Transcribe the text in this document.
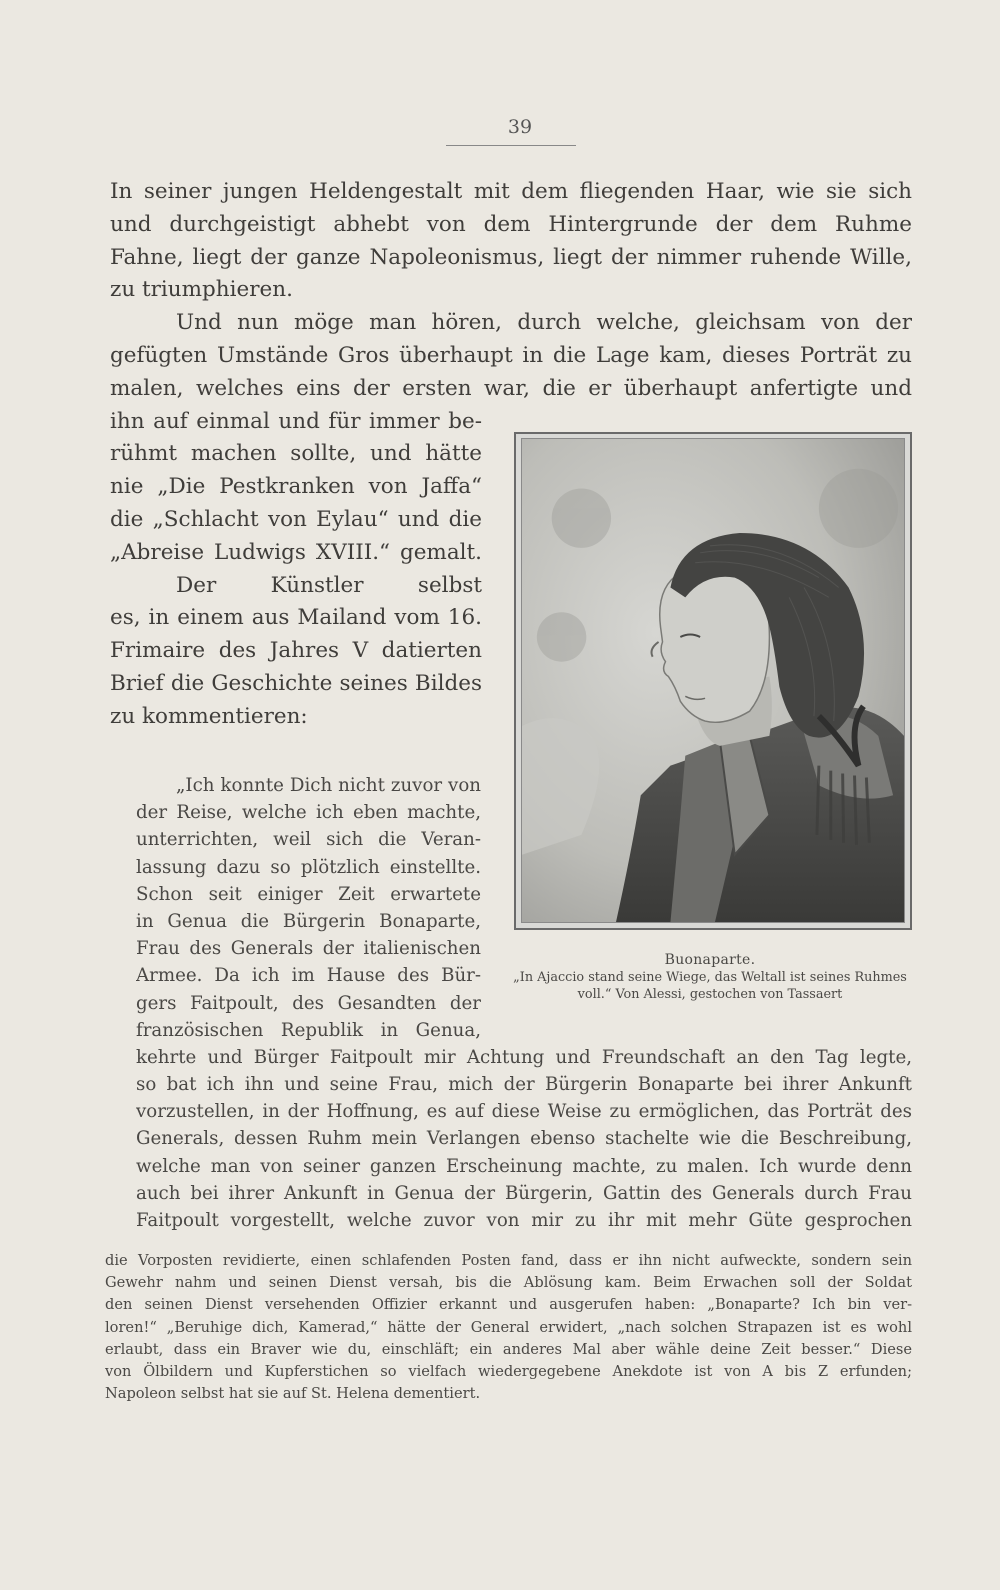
39
In seiner jungen Heldengestalt mit dem fliegenden Haar, wie sie sich
und durchgeistigt abhebt von dem Hintergrunde der dem Ruhme
Fahne, liegt der ganze Napoleonismus, liegt der nimmer ruhende Wille,
zu triumphieren.
Und nun möge man hören, durch welche, gleichsam von der
gefügten Umstände Gros überhaupt in die Lage kam, dieses Porträt zu
malen, welches eins der ersten war, die er überhaupt anfertigte und
ihn auf einmal und für immer be-
rühmt machen sollte, und hätte
nie „Die Pestkranken von Jaffa“
die „Schlacht von Eylau“ und die
„Abreise Ludwigs XVIII.“ gemalt.
Der Künstler selbst
es, in einem aus Mailand vom 16.
Frimaire des Jahres V datierten
Brief die Geschichte seines Bildes
zu kommentieren:
Buonaparte.
„In Ajaccio stand seine Wiege, das Weltall ist seines Ruhmes
voll.“ Von Alessi, gestochen von Tassaert
„Ich konnte Dich nicht zuvor von
der Reise, welche ich eben machte,
unterrichten, weil sich die Veran-
lassung dazu so plötzlich einstellte.
Schon seit einiger Zeit erwartete
in Genua die Bürgerin Bonaparte,
Frau des Generals der italienischen
Armee. Da ich im Hause des Bür-
gers Faitpoult, des Gesandten der
französischen Republik in Genua,
kehrte und Bürger Faitpoult mir Achtung und Freundschaft an den Tag legte,
so bat ich ihn und seine Frau, mich der Bürgerin Bonaparte bei ihrer Ankunft
vorzustellen, in der Hoffnung, es auf diese Weise zu ermöglichen, das Porträt des
Generals, dessen Ruhm mein Verlangen ebenso stachelte wie die Beschreibung,
welche man von seiner ganzen Erscheinung machte, zu malen. Ich wurde denn
auch bei ihrer Ankunft in Genua der Bürgerin, Gattin des Generals durch Frau
Faitpoult vorgestellt, welche zuvor von mir zu ihr mit mehr Güte gesprochen
die Vorposten revidierte, einen schlafenden Posten fand, dass er ihn nicht aufweckte, sondern sein
Gewehr nahm und seinen Dienst versah, bis die Ablösung kam. Beim Erwachen soll der Soldat
den seinen Dienst versehenden Offizier erkannt und ausgerufen haben: „Bonaparte? Ich bin ver-
loren!“ „Beruhige dich, Kamerad,“ hätte der General erwidert, „nach solchen Strapazen ist es wohl
erlaubt, dass ein Braver wie du, einschläft; ein anderes Mal aber wähle deine Zeit besser.“ Diese
von Ölbildern und Kupferstichen so vielfach wiedergegebene Anekdote ist von A bis Z erfunden;
Napoleon selbst hat sie auf St. Helena dementiert.
